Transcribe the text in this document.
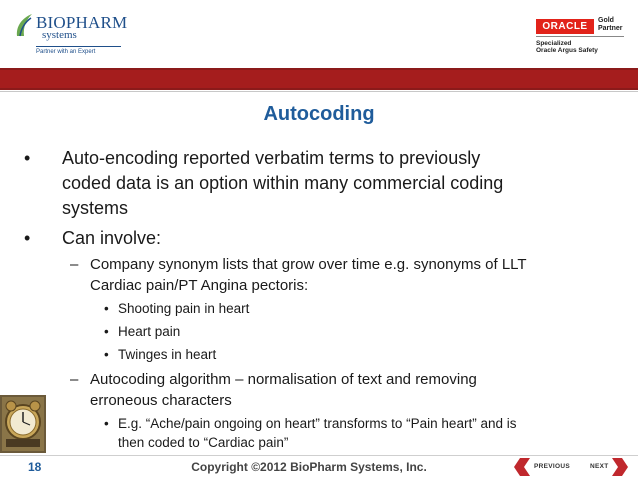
BIOPHARM
systems
Partner with an Expert
ORACLE
Gold
Partner
Specialized
Oracle Argus Safety
Autocoding
• Auto-encoding reported verbatim terms to previously
coded data is an option within many commercial coding
systems
• Can involve:
– Company synonym lists that grow over time e.g. synonyms of LLT
Cardiac pain/PT Angina pectoris:
• Shooting pain in heart
• Heart pain
• Twinges in heart
– Autocoding algorithm – normalisation of text and removing
erroneous characters
• E.g. “Ache/pain ongoing on heart” transforms to “Pain heart” and is
then coded to “Cardiac pain”
18	Copyright ©2012 BioPharm Systems, Inc.	PREVIOUS	NEXT
